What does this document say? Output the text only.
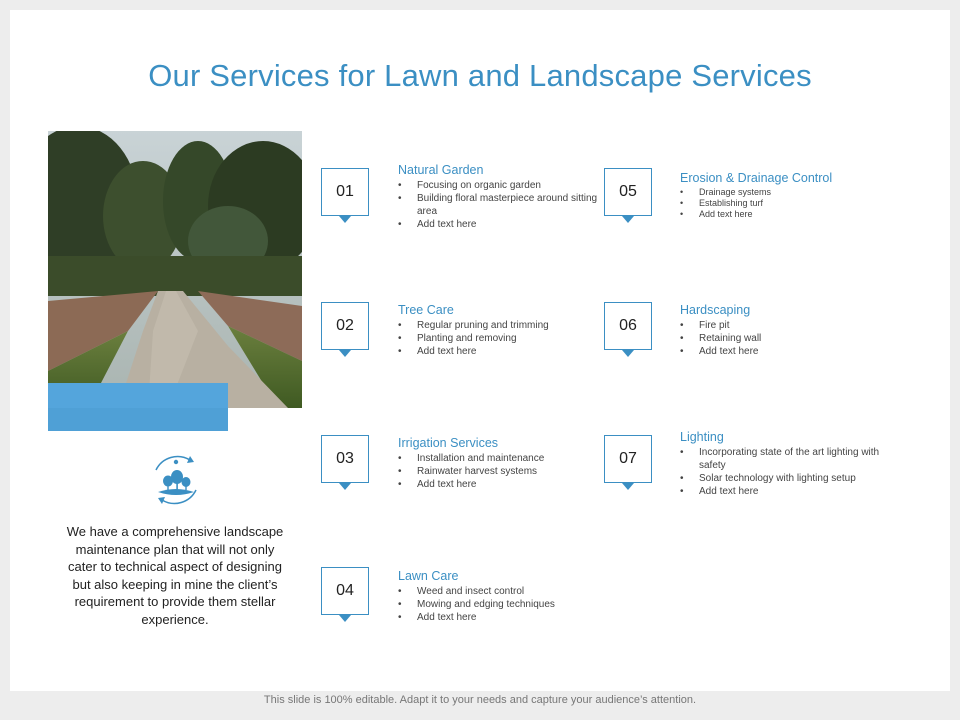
Our Services for Lawn and Landscape Services
We have a comprehensive landscape maintenance plan that will not only cater to technical aspect of designing but also keeping in mine the client’s requirement to provide them stellar experience.
01
Natural Garden
• Focusing on organic garden
• Building floral masterpiece around sitting area
• Add text here
02
Tree Care
• Regular pruning and trimming
• Planting and removing
• Add text here
03
Irrigation Services
• Installation and maintenance
• Rainwater harvest systems
• Add text here
04
Lawn Care
• Weed and insect control
• Mowing and edging techniques
• Add text here
05
Erosion & Drainage Control
• Drainage systems
• Establishing turf
• Add text here
06
Hardscaping
• Fire pit
• Retaining wall
• Add text here
07
Lighting
• Incorporating state of the art lighting with safety
• Solar technology with lighting setup
• Add text here
This slide is 100% editable. Adapt it to your needs and capture your audience’s attention.
